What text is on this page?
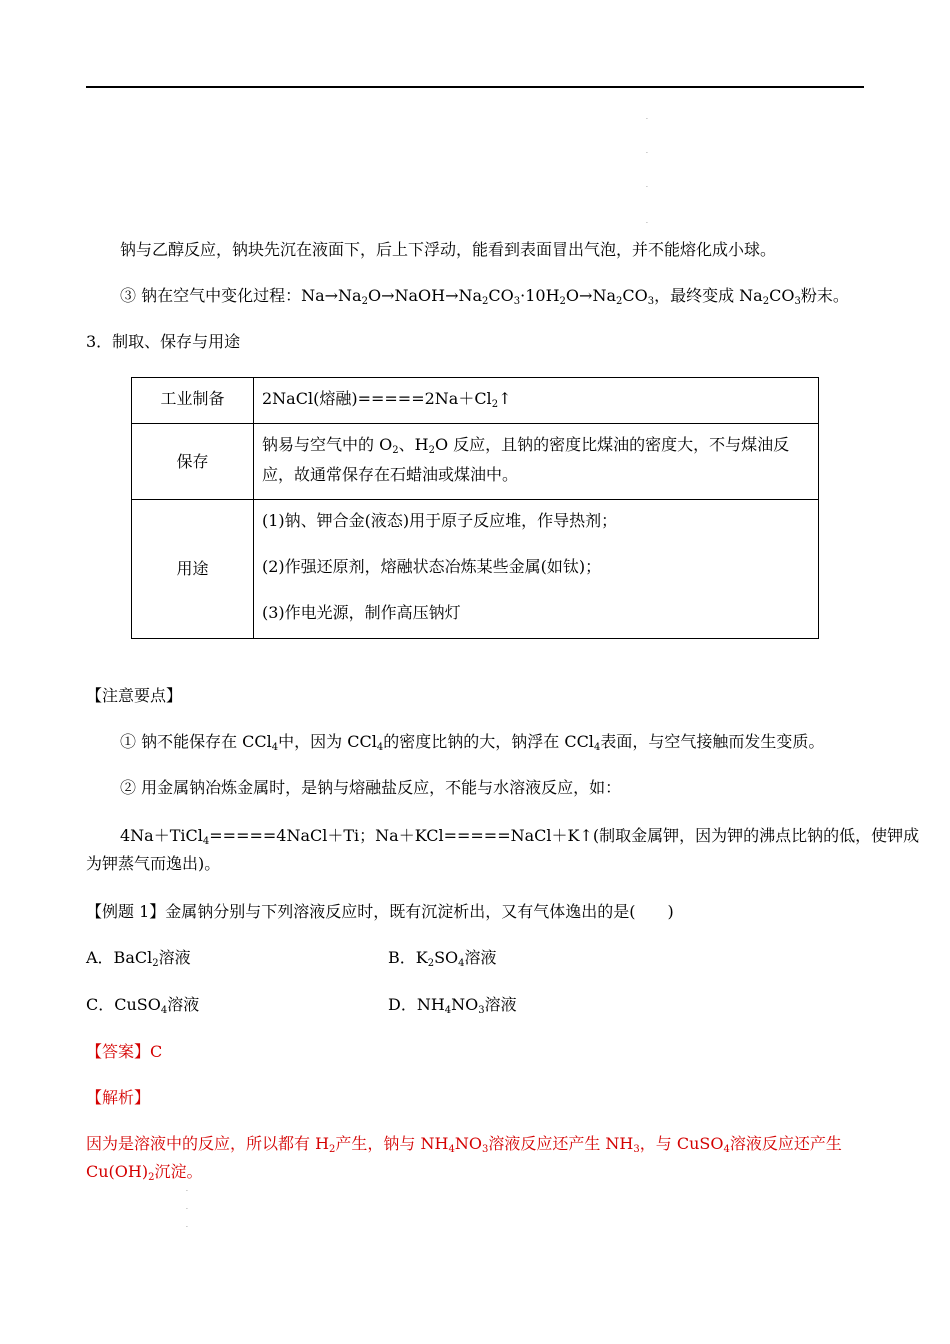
·
·
·
·
钠与乙醇反应，钠块先沉在液面下，后上下浮动，能看到表面冒出气泡，并不能熔化成小球。
③ 钠在空气中变化过程：$Na\to Na_2O\to NaOH\to Na_2CO_3\cdot 10H_2O\to Na_2CO_3$，最终变成 $Na_2CO_3$粉末。
3．制取、保存与用途
工业制备	2NaCl(熔融)$=====2Na+Cl_2↑$
保存	钠易与空气中的 $O_2$、$H_2O$ 反应，且钠的密度比煤油的密度大，不与煤油反
应，故通常保存在石蜡油或煤油中。
用途	(1)钠、钾合金(液态)用于原子反应堆，作导热剂；

(2)作强还原剂，熔融状态冶炼某些金属(如钛)；

(3)作电光源，制作高压钠灯

【注意要点】
① 钠不能保存在 CCl$_4$中，因为 CCl$_4$的密度比钠的大，钠浮在 CCl$_4$表面，与空气接触而发生变质。
② 用金属钠冶炼金属时，是钠与熔融盐反应，不能与水溶液反应，如：
4Na＋TiCl$_4$=====4NaCl＋Ti；Na＋KCl=====NaCl＋K↑(制取金属钾，因为钾的沸点比钠的低，使钾成
为钾蒸气而逸出)。
【例题 1】金属钠分别与下列溶液反应时，既有沉淀析出，又有气体逸出的是(　　)
A．BaCl$_2$溶液	B．$K_2SO_4$溶液
C．CuSO$_4$溶液	D．$NH_4NO_3$溶液
【答案】C
【解析】
因为是溶液中的反应，所以都有 $H_2$产生，钠与 $NH_4NO_3$溶液反应还产生 $NH_3$，与 CuSO$_4$溶液反应还产生
$Cu(OH)_2$沉淀。
·
·
·
